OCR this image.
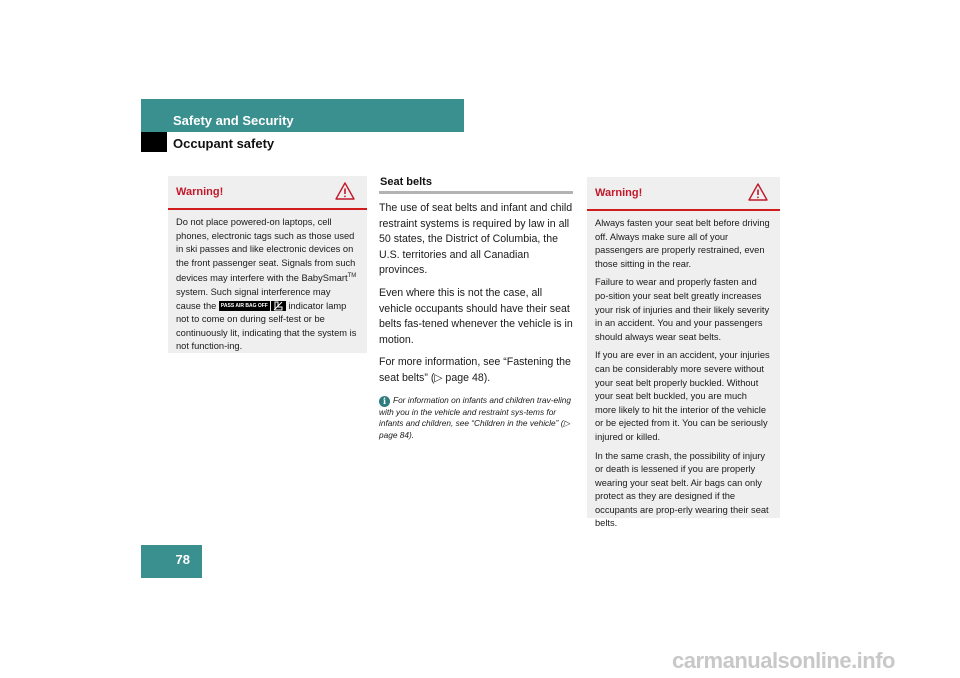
Safety and Security
Occupant safety
Warning!

Do not place powered-on laptops, cell phones, electronic tags such as those used in ski passes and like electronic devices on the front passenger seat. Signals from such devices may interfere with the BabySmart™ system. Such signal interference may cause the PASS AIR BAG OFF
indicator lamp not to come on during self-test or be continuously lit, indicating that the system is not function-ing.

Seat belts

The use of seat belts and infant and child restraint systems is required by law in all 50 states, the District of Columbia, the U.S. territories and all Canadian provinces.

Even where this is not the case, all vehicle occupants should have their seat belts fas-tened whenever the vehicle is in motion.

For more information, see “Fastening the seat belts” (▷ page 48).

i For information on infants and children trav-eling with you in the vehicle and restraint sys-tems for infants and children, see “Children in the vehicle” (▷ page 84).
Warning!

Always fasten your seat belt before driving off. Always make sure all of your passengers are properly restrained, even those sitting in the rear.

Failure to wear and properly fasten and po-sition your seat belt greatly increases your risk of injuries and their likely severity in an accident. You and your passengers should always wear seat belts.

If you are ever in an accident, your injuries can be considerably more severe without your seat belt properly buckled. Without your seat belt buckled, you are much more likely to hit the interior of the vehicle or be ejected from it. You can be seriously injured or killed.

In the same crash, the possibility of injury or death is lessened if you are properly wearing your seat belt. Air bags can only protect as they are designed if the occupants are prop-erly wearing their seat belts.

78
carmanualsonline.info
